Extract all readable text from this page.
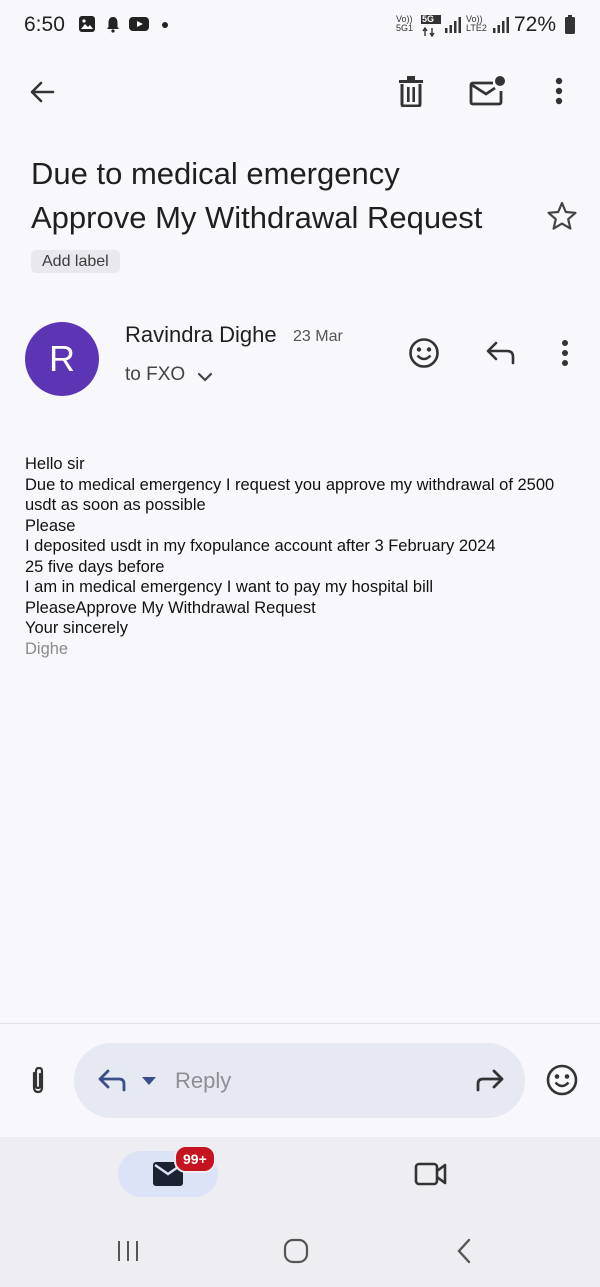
6:50	Vo))
5G1
5G	Vo))
LTE2 72%
Due to medical emergency
Approve My Withdrawal Request
Add label
R
Ravindra Dighe 23 Mar
to FXO
Hello sir
Due to medical emergency I request you approve my withdrawal of 2500
usdt as soon as possible
Please
I deposited usdt in my fxopulance account after 3 February 2024
25 five days before
I am in medical emergency I want to pay my hospital bill
PleaseApprove My Withdrawal Request
Your sincerely
Dighe
Reply
99+
